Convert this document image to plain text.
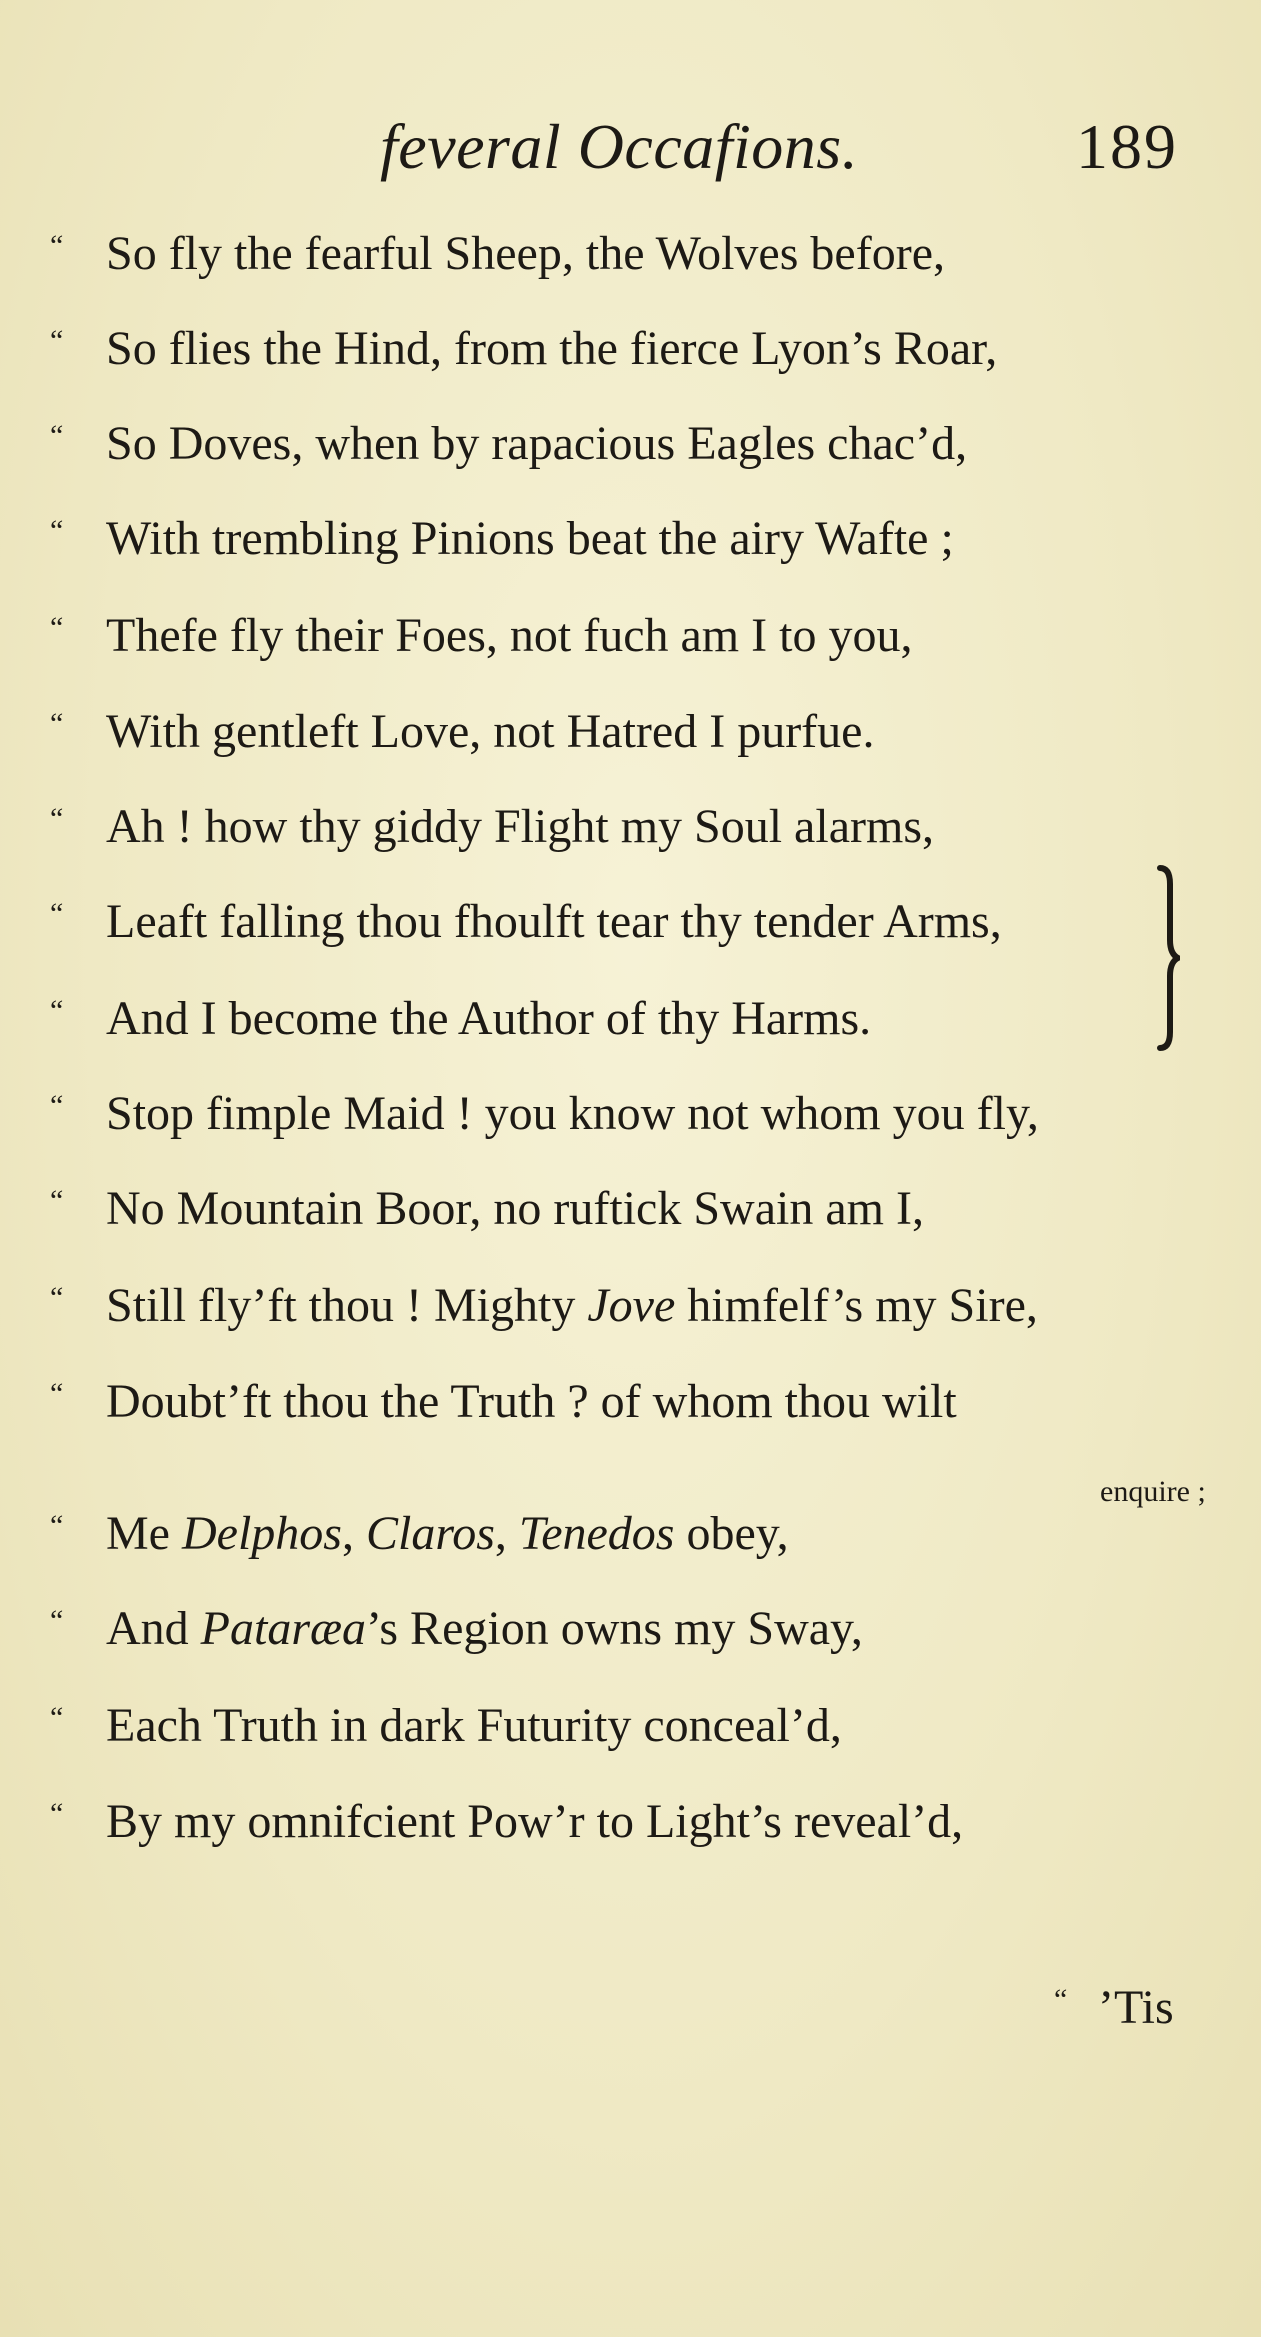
feveral Occafions.	189
“ So fly the fearful Sheep, the Wolves before,
“ So flies the Hind, from the fierce Lyon’s Roar,
“ So Doves, when by rapacious Eagles chac’d,
“ With trembling Pinions beat the airy Wafte ;
“ Thefe fly their Foes, not fuch am I to you,
“ With gentleft Love, not Hatred I purfue.
“ Ah ! how thy giddy Flight my Soul alarms,
“ Leaft falling thou fhoulft tear thy tender Arms,
“ And I become the Author of thy Harms.
“ Stop fimple Maid ! you know not whom you fly,
“ No Mountain Boor, no ruftick Swain am I,
“ Still fly’ft thou ! Mighty Jove himfelf’s my Sire,
“ Doubt’ft thou the Truth ? of whom thou wilt
enquire ;
“ Me Delphos, Claros, Tenedos obey,
“ And Pataræa’s Region owns my Sway,
“ Each Truth in dark Futurity conceal’d,
“ By my omnifcient Pow’r to Light’s reveal’d,
“ ’Tis
